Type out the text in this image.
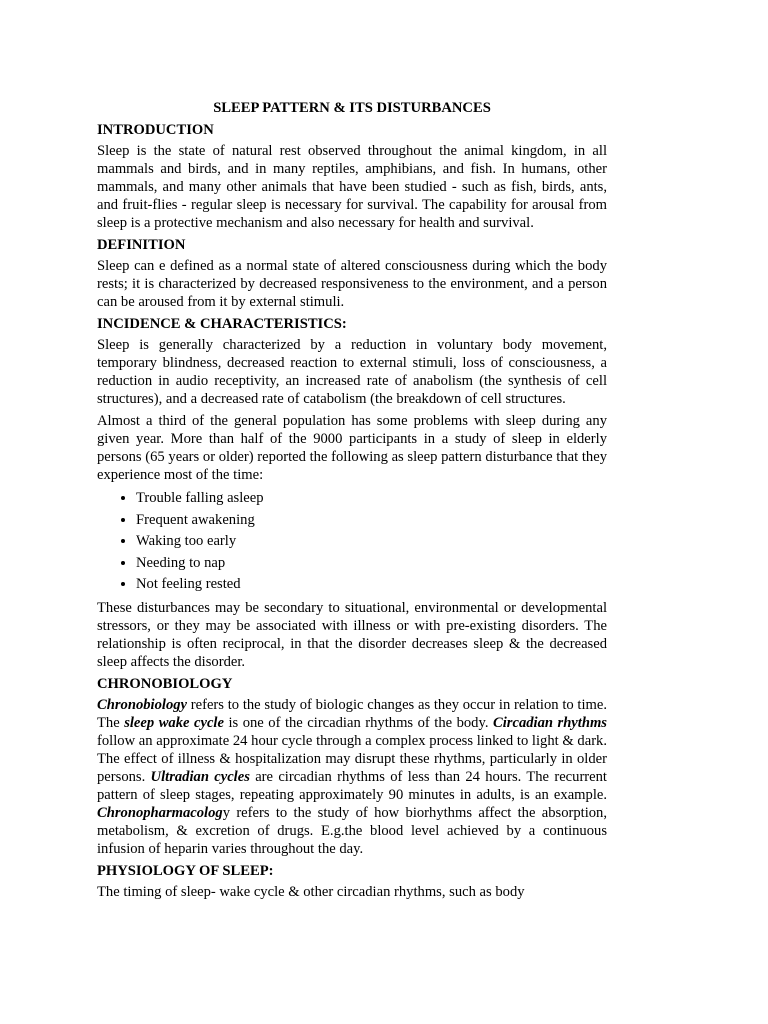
SLEEP PATTERN & ITS DISTURBANCES
INTRODUCTION

Sleep is the state of natural rest observed throughout the animal kingdom, in all mammals and birds, and in many reptiles, amphibians, and fish. In humans, other mammals, and many other animals that have been studied - such as fish, birds, ants, and fruit-flies - regular sleep is necessary for survival. The capability for arousal from sleep is a protective mechanism and also necessary for health and survival.

DEFINITION

Sleep can e defined as a normal state of altered consciousness during which the body rests; it is characterized by decreased responsiveness to the environment, and a person can be aroused from it by external stimuli.

INCIDENCE & CHARACTERISTICS:

Sleep is generally characterized by a reduction in voluntary body movement, temporary blindness, decreased reaction to external stimuli, loss of consciousness, a reduction in audio receptivity, an increased rate of anabolism (the synthesis of cell structures), and a decreased rate of catabolism (the breakdown of cell structures.

Almost a third of the general population has some problems with sleep during any given year. More than half of the 9000 participants in a study of sleep in elderly persons (65 years or older) reported the following as sleep pattern disturbance that they experience most of the time:

• Trouble falling asleep
• Frequent awakening
• Waking too early
• Needing to nap
• Not feeling rested

These disturbances may be secondary to situational, environmental or developmental stressors, or they may be associated with illness or with pre-existing disorders. The relationship is often reciprocal, in that the disorder decreases sleep & the decreased sleep affects the disorder.

CHRONOBIOLOGY

Chronobiology refers to the study of biologic changes as they occur in relation to time. The sleep wake cycle is one of the circadian rhythms of the body. Circadian rhythms follow an approximate 24 hour cycle through a complex process linked to light & dark. The effect of illness & hospitalization may disrupt these rhythms, particularly in older persons. Ultradian cycles are circadian rhythms of less than 24 hours. The recurrent pattern of sleep stages, repeating approximately 90 minutes in adults, is an example. Chronopharmacology refers to the study of how biorhythms affect the absorption, metabolism, & excretion of drugs. E.g.the blood level achieved by a continuous infusion of heparin varies throughout the day.

PHYSIOLOGY OF SLEEP:

The timing of sleep- wake cycle & other circadian rhythms, such as body
